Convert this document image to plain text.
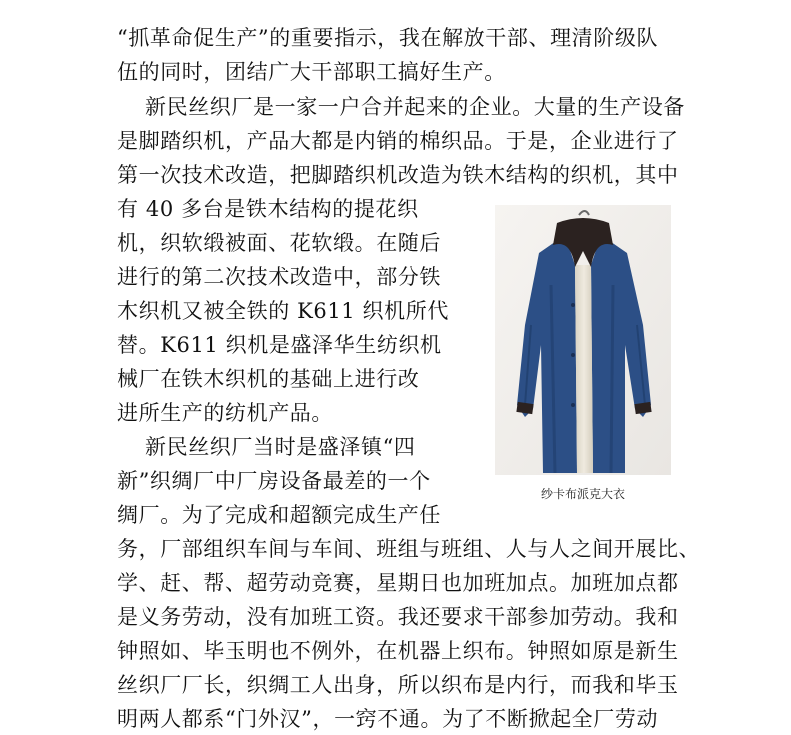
“抓革命促生产”的重要指示，我在解放干部、理清阶级队
伍的同时，团结广大干部职工搞好生产。
新民丝织厂是一家一户合并起来的企业。大量的生产设备
是脚踏织机，产品大都是内销的棉织品。于是，企业进行了
第一次技术改造，把脚踏织机改造为铁木结构的织机，其中
有 40 多台是铁木结构的提花织
机，织软缎被面、花软缎。在随后
进行的第二次技术改造中，部分铁
木织机又被全铁的 K611 织机所代
替。K611 织机是盛泽华生纺织机
械厂在铁木织机的基础上进行改
进所生产的纺机产品。
新民丝织厂当时是盛泽镇“四
新”织绸厂中厂房设备最差的一个
绸厂。为了完成和超额完成生产任
务，厂部组织车间与车间、班组与班组、人与人之间开展比、
学、赶、帮、超劳动竞赛，星期日也加班加点。加班加点都
是义务劳动，没有加班工资。我还要求干部参加劳动。我和
钟照如、毕玉明也不例外，在机器上织布。钟照如原是新生
丝织厂厂长，织绸工人出身，所以织布是内行，而我和毕玉
明两人都系“门外汉”，一窍不通。为了不断掀起全厂劳动
纱卡布派克大衣
